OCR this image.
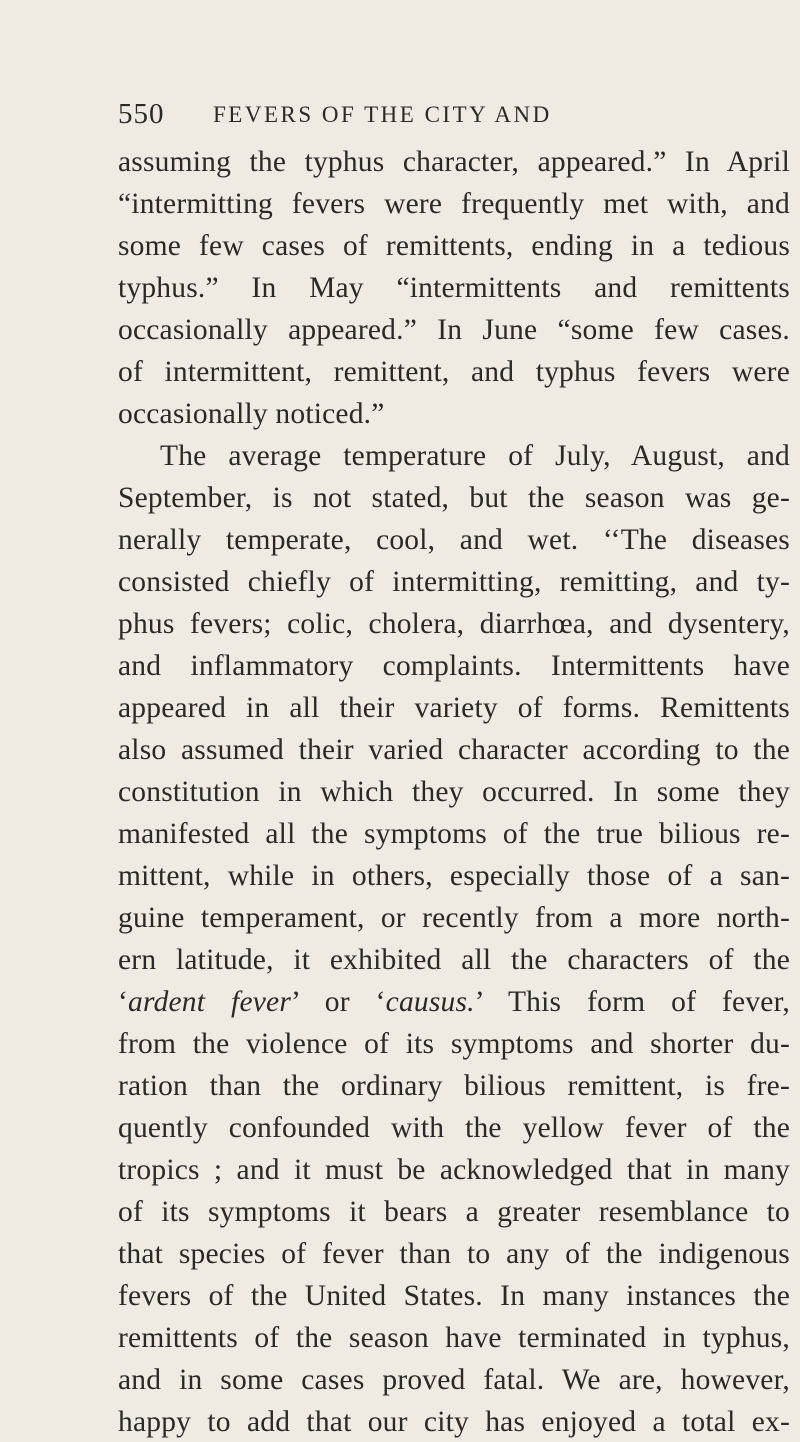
550 FEVERS OF THE CITY AND
assuming the typhus character, appeared.” In April
“intermitting fevers were frequently met with, and
some few cases of remittents, ending in a tedious
typhus.” In May “intermittents and remittents
occasionally appeared.” In June “some few cases.
of intermittent, remittent, and typhus fevers were
occasionally noticed.”
The average temperature of July, August, and
September, is not stated, but the season was ge-
nerally temperate, cool, and wet. ‘‘The diseases
consisted chiefly of intermitting, remitting, and ty-
phus fevers; colic, cholera, diarrhœa, and dysentery,
and inflammatory complaints. Intermittents have
appeared in all their variety of forms. Remittents
also assumed their varied character according to the
constitution in which they occurred. In some they
manifested all the symptoms of the true bilious re-
mittent, while in others, especially those of a san-
guine temperament, or recently from a more north-
ern latitude, it exhibited all the characters of the
‘ardent fever’ or ‘causus.’ This form of fever,
from the violence of its symptoms and shorter du-
ration than the ordinary bilious remittent, is fre-
quently confounded with the yellow fever of the
tropics ; and it must be acknowledged that in many
of its symptoms it bears a greater resemblance to
that species of fever than to any of the indigenous
fevers of the United States. In many instances the
remittents of the season have terminated in typhus,
and in some cases proved fatal. We are, however,
happy to add that our city has enjoyed a total ex-
